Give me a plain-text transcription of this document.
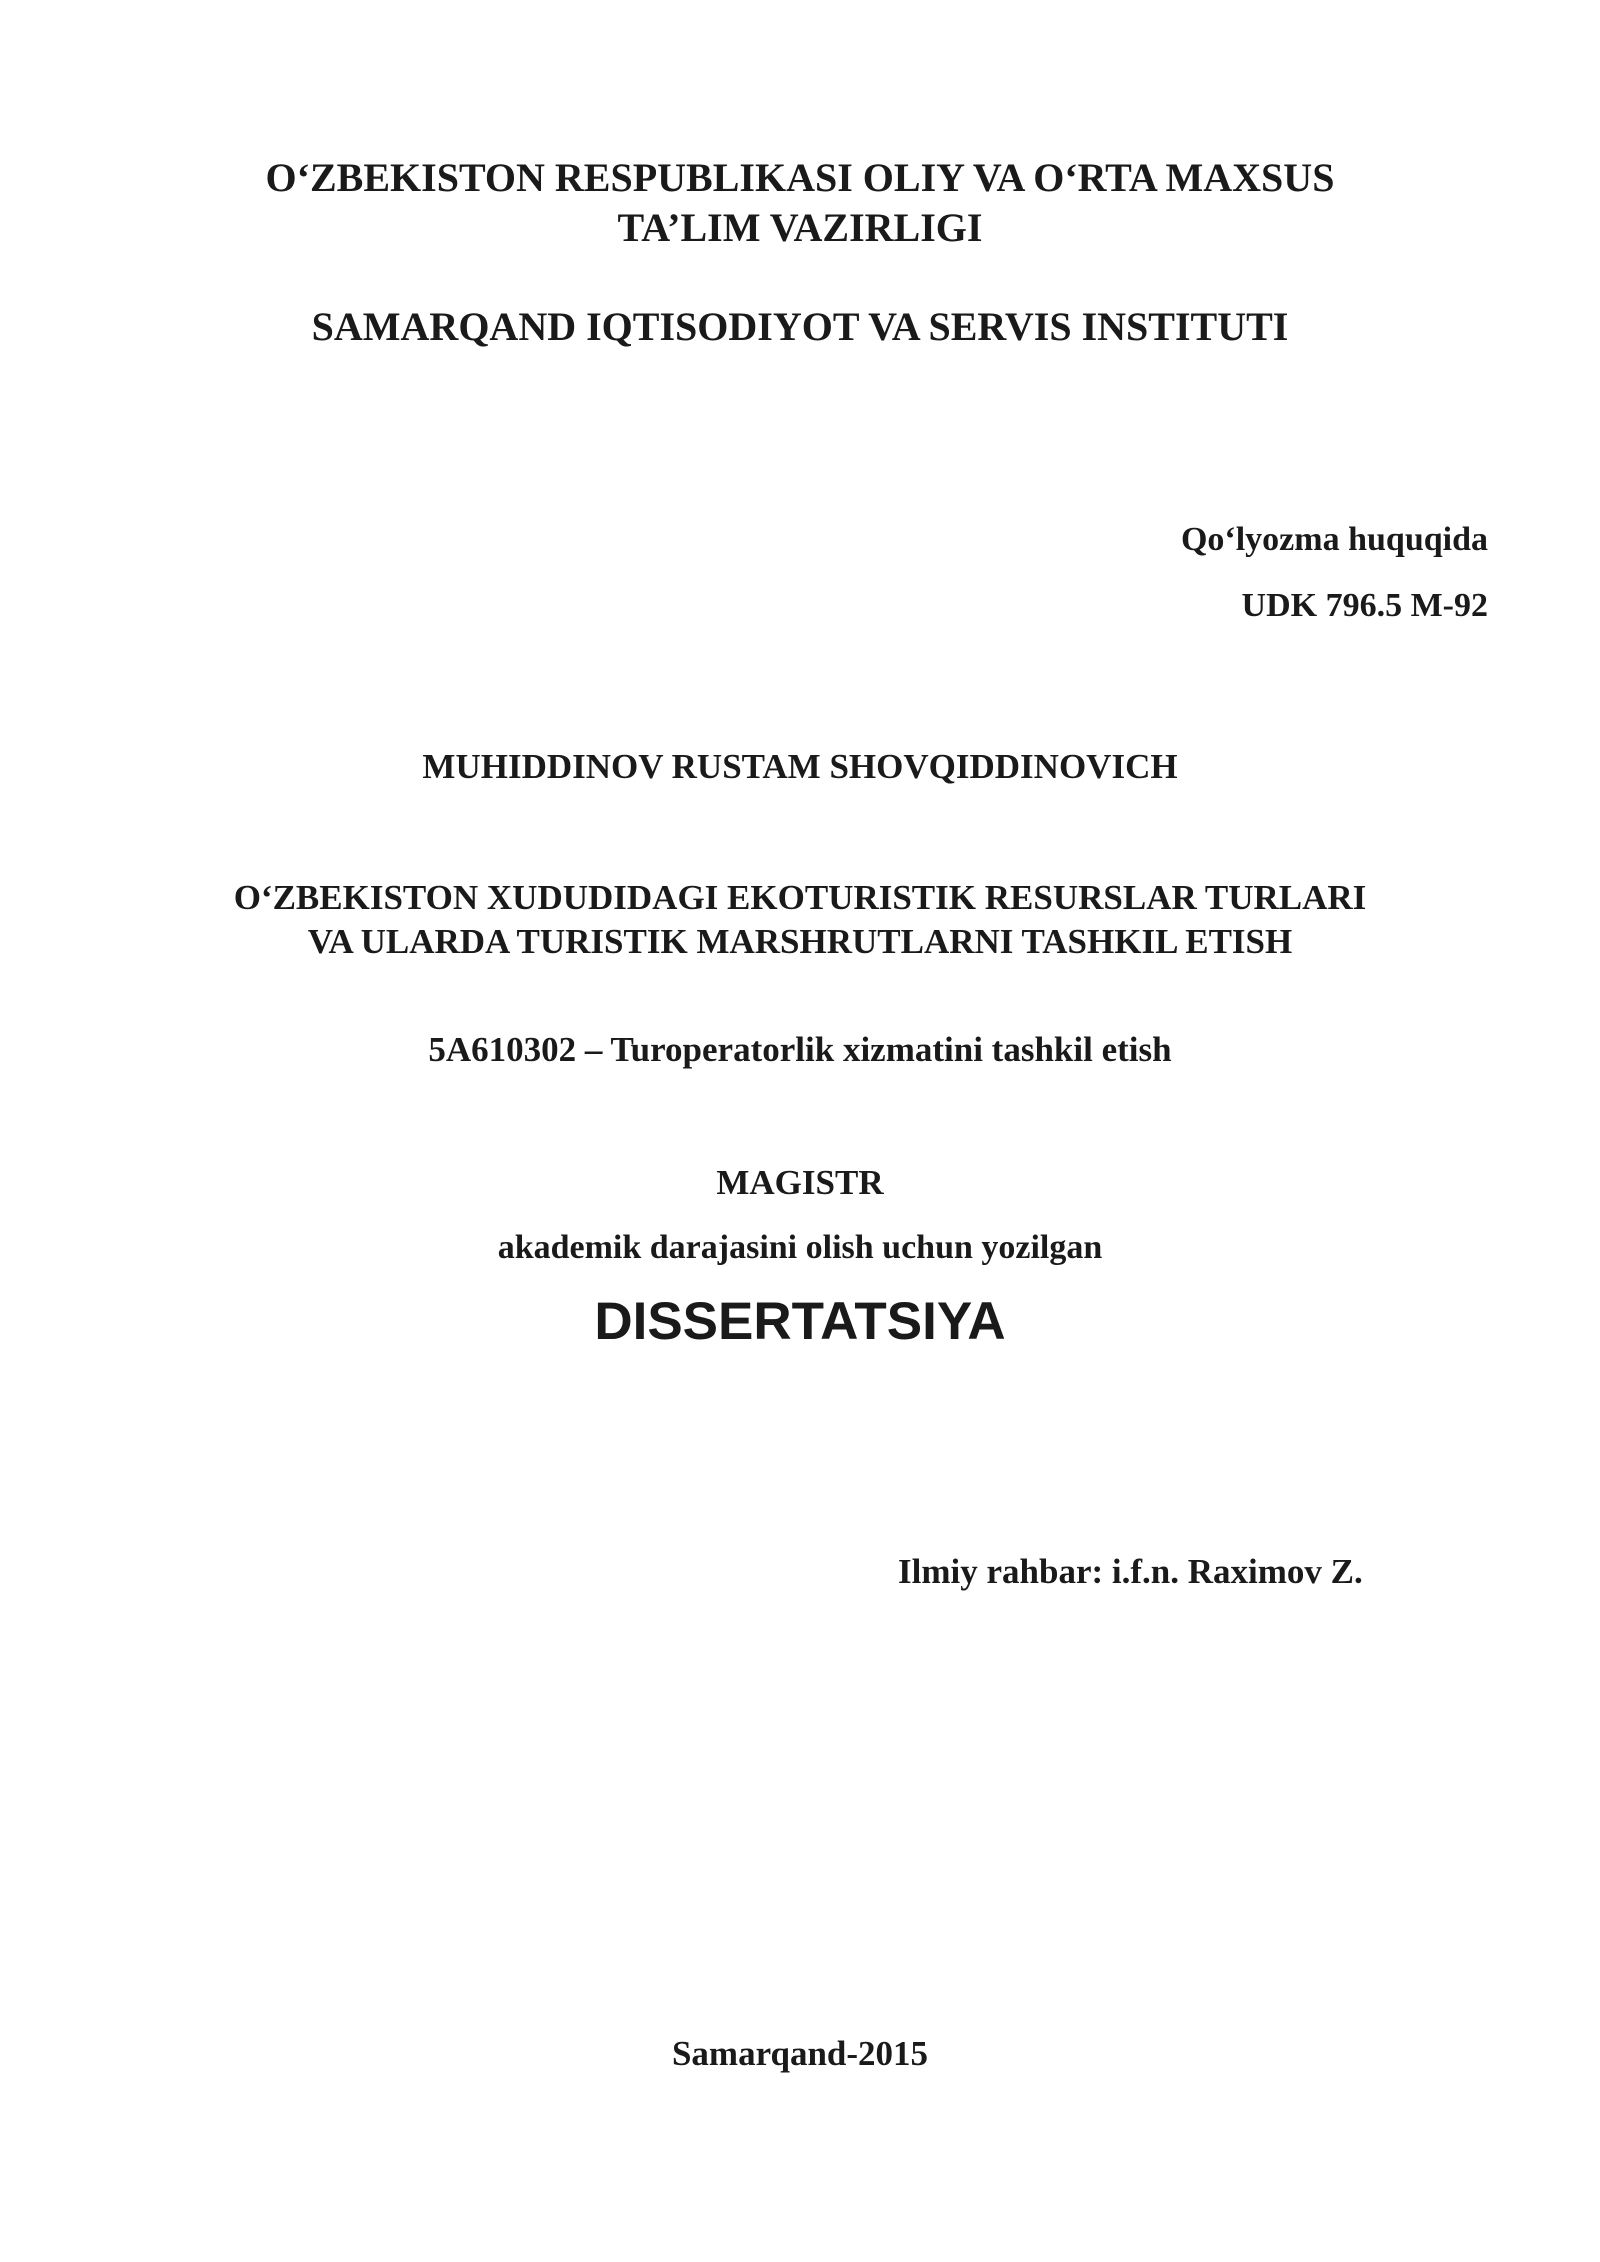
O‘ZBEKISTON RESPUBLIKASI OLIY VA O‘RTA MAXSUS

TA’LIM VAZIRLIGI

SAMARQAND IQTISODIYOT VA SERVIS INSTITUTI

Qo‘lyozma huquqida

UDK 796.5 M-92

MUHIDDINOV RUSTAM SHOVQIDDINOVICH

O‘ZBEKISTON XUDUDIDAGI EKOTURISTIK RESURSLAR TURLARI

VA ULARDA TURISTIK MARSHRUTLARNI TASHKIL ETISH

5A610302 – Turoperatorlik xizmatini tashkil etish

MAGISTR

akademik darajasini olish uchun yozilgan

DISSERTATSIYA

Ilmiy rahbar: i.f.n. Raximov Z.

Samarqand-2015
